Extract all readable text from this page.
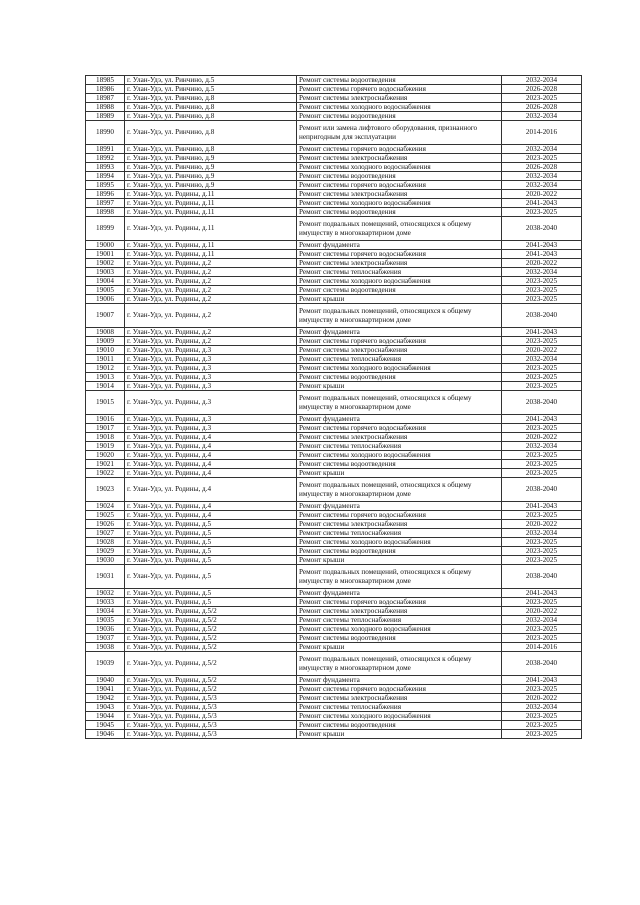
18985	г. Улан-Удэ, ул. Ринчино, д.5	Ремонт системы водоотведения	2032-2034
18986	г. Улан-Удэ, ул. Ринчино, д.5	Ремонт системы горячего водоснабжения	2026-2028
18987	г. Улан-Удэ, ул. Ринчино, д.8	Ремонт системы электроснабжения	2023-2025
18988	г. Улан-Удэ, ул. Ринчино, д.8	Ремонт системы холодного водоснабжения	2026-2028
18989	г. Улан-Удэ, ул. Ринчино, д.8	Ремонт системы водоотведения	2032-2034
18990	г. Улан-Удэ, ул. Ринчино, д.8	Ремонт или замена лифтового оборудования, признанного непригодным для эксплуатации	2014-2016
18991	г. Улан-Удэ, ул. Ринчино, д.8	Ремонт системы горячего водоснабжения	2032-2034
18992	г. Улан-Удэ, ул. Ринчино, д.9	Ремонт системы электроснабжения	2023-2025
18993	г. Улан-Удэ, ул. Ринчино, д.9	Ремонт системы холодного водоснабжения	2026-2028
18994	г. Улан-Удэ, ул. Ринчино, д.9	Ремонт системы водоотведения	2032-2034
18995	г. Улан-Удэ, ул. Ринчино, д.9	Ремонт системы горячего водоснабжения	2032-2034
18996	г. Улан-Удэ, ул. Родины, д.11	Ремонт системы электроснабжения	2020-2022
18997	г. Улан-Удэ, ул. Родины, д.11	Ремонт системы холодного водоснабжения	2041-2043
18998	г. Улан-Удэ, ул. Родины, д.11	Ремонт системы водоотведения	2023-2025
18999	г. Улан-Удэ, ул. Родины, д.11	Ремонт подвальных помещений, относящихся к общему имуществу в многоквартирном доме	2038-2040
19000	г. Улан-Удэ, ул. Родины, д.11	Ремонт фундамента	2041-2043
19001	г. Улан-Удэ, ул. Родины, д.11	Ремонт системы горячего водоснабжения	2041-2043
19002	г. Улан-Удэ, ул. Родины, д.2	Ремонт системы электроснабжения	2020-2022
19003	г. Улан-Удэ, ул. Родины, д.2	Ремонт системы теплоснабжения	2032-2034
19004	г. Улан-Удэ, ул. Родины, д.2	Ремонт системы холодного водоснабжения	2023-2025
19005	г. Улан-Удэ, ул. Родины, д.2	Ремонт системы водоотведения	2023-2025
19006	г. Улан-Удэ, ул. Родины, д.2	Ремонт крыши	2023-2025
19007	г. Улан-Удэ, ул. Родины, д.2	Ремонт подвальных помещений, относящихся к общему имуществу в многоквартирном доме	2038-2040
19008	г. Улан-Удэ, ул. Родины, д.2	Ремонт фундамента	2041-2043
19009	г. Улан-Удэ, ул. Родины, д.2	Ремонт системы горячего водоснабжения	2023-2025
19010	г. Улан-Удэ, ул. Родины, д.3	Ремонт системы электроснабжения	2020-2022
19011	г. Улан-Удэ, ул. Родины, д.3	Ремонт системы теплоснабжения	2032-2034
19012	г. Улан-Удэ, ул. Родины, д.3	Ремонт системы холодного водоснабжения	2023-2025
19013	г. Улан-Удэ, ул. Родины, д.3	Ремонт системы водоотведения	2023-2025
19014	г. Улан-Удэ, ул. Родины, д.3	Ремонт крыши	2023-2025
19015	г. Улан-Удэ, ул. Родины, д.3	Ремонт подвальных помещений, относящихся к общему имуществу в многоквартирном доме	2038-2040
19016	г. Улан-Удэ, ул. Родины, д.3	Ремонт фундамента	2041-2043
19017	г. Улан-Удэ, ул. Родины, д.3	Ремонт системы горячего водоснабжения	2023-2025
19018	г. Улан-Удэ, ул. Родины, д.4	Ремонт системы электроснабжения	2020-2022
19019	г. Улан-Удэ, ул. Родины, д.4	Ремонт системы теплоснабжения	2032-2034
19020	г. Улан-Удэ, ул. Родины, д.4	Ремонт системы холодного водоснабжения	2023-2025
19021	г. Улан-Удэ, ул. Родины, д.4	Ремонт системы водоотведения	2023-2025
19022	г. Улан-Удэ, ул. Родины, д.4	Ремонт крыши	2023-2025
19023	г. Улан-Удэ, ул. Родины, д.4	Ремонт подвальных помещений, относящихся к общему имуществу в многоквартирном доме	2038-2040
19024	г. Улан-Удэ, ул. Родины, д.4	Ремонт фундамента	2041-2043
19025	г. Улан-Удэ, ул. Родины, д.4	Ремонт системы горячего водоснабжения	2023-2025
19026	г. Улан-Удэ, ул. Родины, д.5	Ремонт системы электроснабжения	2020-2022
19027	г. Улан-Удэ, ул. Родины, д.5	Ремонт системы теплоснабжения	2032-2034
19028	г. Улан-Удэ, ул. Родины, д.5	Ремонт системы холодного водоснабжения	2023-2025
19029	г. Улан-Удэ, ул. Родины, д.5	Ремонт системы водоотведения	2023-2025
19030	г. Улан-Удэ, ул. Родины, д.5	Ремонт крыши	2023-2025
19031	г. Улан-Удэ, ул. Родины, д.5	Ремонт подвальных помещений, относящихся к общему имуществу в многоквартирном доме	2038-2040
19032	г. Улан-Удэ, ул. Родины, д.5	Ремонт фундамента	2041-2043
19033	г. Улан-Удэ, ул. Родины, д.5	Ремонт системы горячего водоснабжения	2023-2025
19034	г. Улан-Удэ, ул. Родины, д.5/2	Ремонт системы электроснабжения	2020-2022
19035	г. Улан-Удэ, ул. Родины, д.5/2	Ремонт системы теплоснабжения	2032-2034
19036	г. Улан-Удэ, ул. Родины, д.5/2	Ремонт системы холодного водоснабжения	2023-2025
19037	г. Улан-Удэ, ул. Родины, д.5/2	Ремонт системы водоотведения	2023-2025
19038	г. Улан-Удэ, ул. Родины, д.5/2	Ремонт крыши	2014-2016
19039	г. Улан-Удэ, ул. Родины, д.5/2	Ремонт подвальных помещений, относящихся к общему имуществу в многоквартирном доме	2038-2040
19040	г. Улан-Удэ, ул. Родины, д.5/2	Ремонт фундамента	2041-2043
19041	г. Улан-Удэ, ул. Родины, д.5/2	Ремонт системы горячего водоснабжения	2023-2025
19042	г. Улан-Удэ, ул. Родины, д.5/3	Ремонт системы электроснабжения	2020-2022
19043	г. Улан-Удэ, ул. Родины, д.5/3	Ремонт системы теплоснабжения	2032-2034
19044	г. Улан-Удэ, ул. Родины, д.5/3	Ремонт системы холодного водоснабжения	2023-2025
19045	г. Улан-Удэ, ул. Родины, д.5/3	Ремонт системы водоотведения	2023-2025
19046	г. Улан-Удэ, ул. Родины, д.5/3	Ремонт крыши	2023-2025
